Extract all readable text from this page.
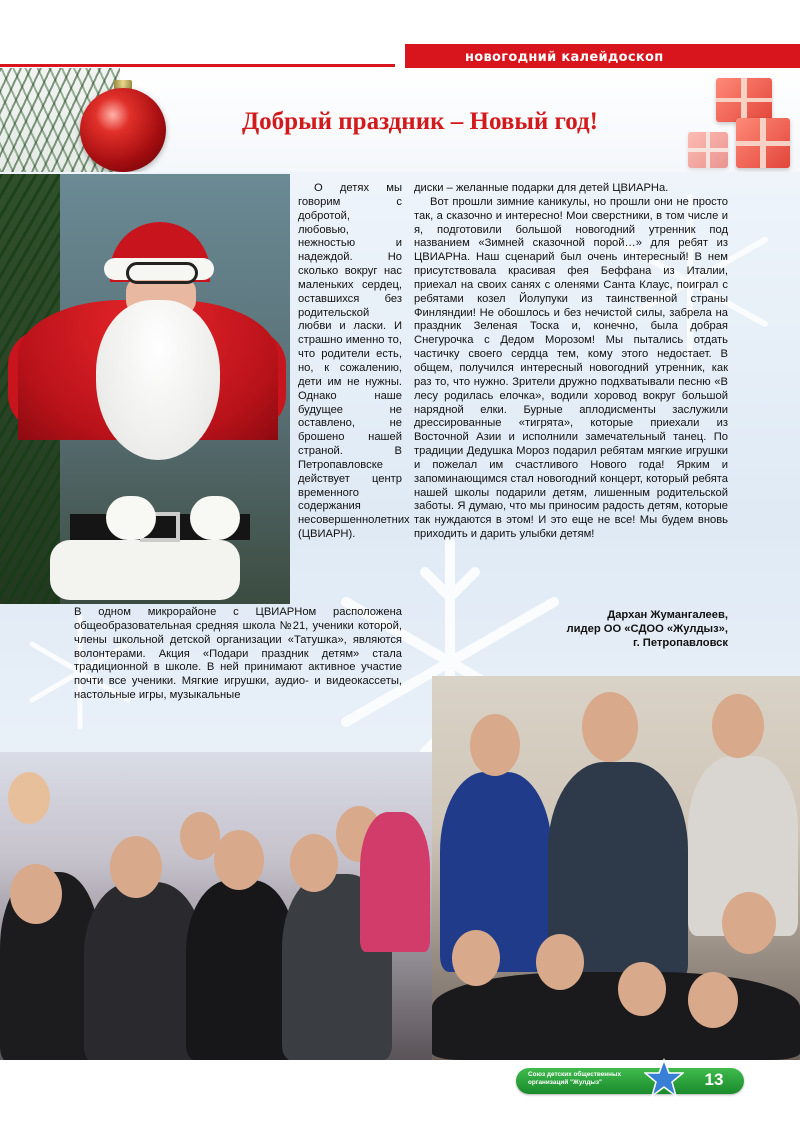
новогодний калейдоскоп
Добрый праздник – Новый год!
О детях мы говорим с добротой, любовью, нежностью и надеждой. Но сколько вокруг нас маленьких сердец, оставшихся без родительской любви и ласки. И страшно именно то, что родители есть, но, к сожалению, дети им не нужны. Однако наше будущее не оставлено, не брошено нашей страной. В Петропавловске действует центр временного содержания несовершеннолетних (ЦВИАРН).
В одном микрорайоне с ЦВИАРНом расположена общеобразовательная средняя школа №21, ученики которой, члены школьной детской организации «Татушка», являются волонтерами. Акция «Подари праздник детям» стала традиционной в школе. В ней принимают активное участие почти все ученики. Мягкие игрушки, аудио- и видеокассеты, настольные игры, музыкальные

диски – желанные подарки для детей ЦВИАРНа.

Вот прошли зимние каникулы, но прошли они не просто так, а сказочно и интересно! Мои сверстники, в том числе и я, подготовили большой новогодний утренник под названием «Зимней сказочной порой…» для ребят из ЦВИАРНа. Наш сценарий был очень интересный! В нем присутствовала красивая фея Беффана из Италии, приехал на своих санях с оленями Санта Клаус, поиграл с ребятами козел Йолупуки из таинственной страны Финляндии! Не обошлось и без нечистой силы, забрела на праздник Зеленая Тоска и, конечно, была добрая Снегурочка с Дедом Морозом! Мы пытались отдать частичку своего сердца тем, кому этого недостает. В общем, получился интересный новогодний утренник, как раз то, что нужно. Зрители дружно подхватывали песню «В лесу родилась елочка», водили хоровод вокруг большой нарядной елки. Бурные аплодисменты заслужили дрессированные «тигрята», которые приехали из Восточной Азии и исполнили замечательный танец. По традиции Дедушка Мороз подарил ребятам мягкие игрушки и пожелал им счастливого Нового года! Ярким и запоминающимся стал новогодний концерт, который ребята нашей школы подарили детям, лишенным родительской заботы. Я думаю, что мы приносим радость детям, которые так нуждаются в этом! И это еще не все! Мы будем вновь приходить и дарить улыбки детям!

Дархан Жумангалеев,
лидер ОО «СДОО «Жулдыз»,
г. Петропавловск
Союз детских общественных организаций "Жулдыз"	13
